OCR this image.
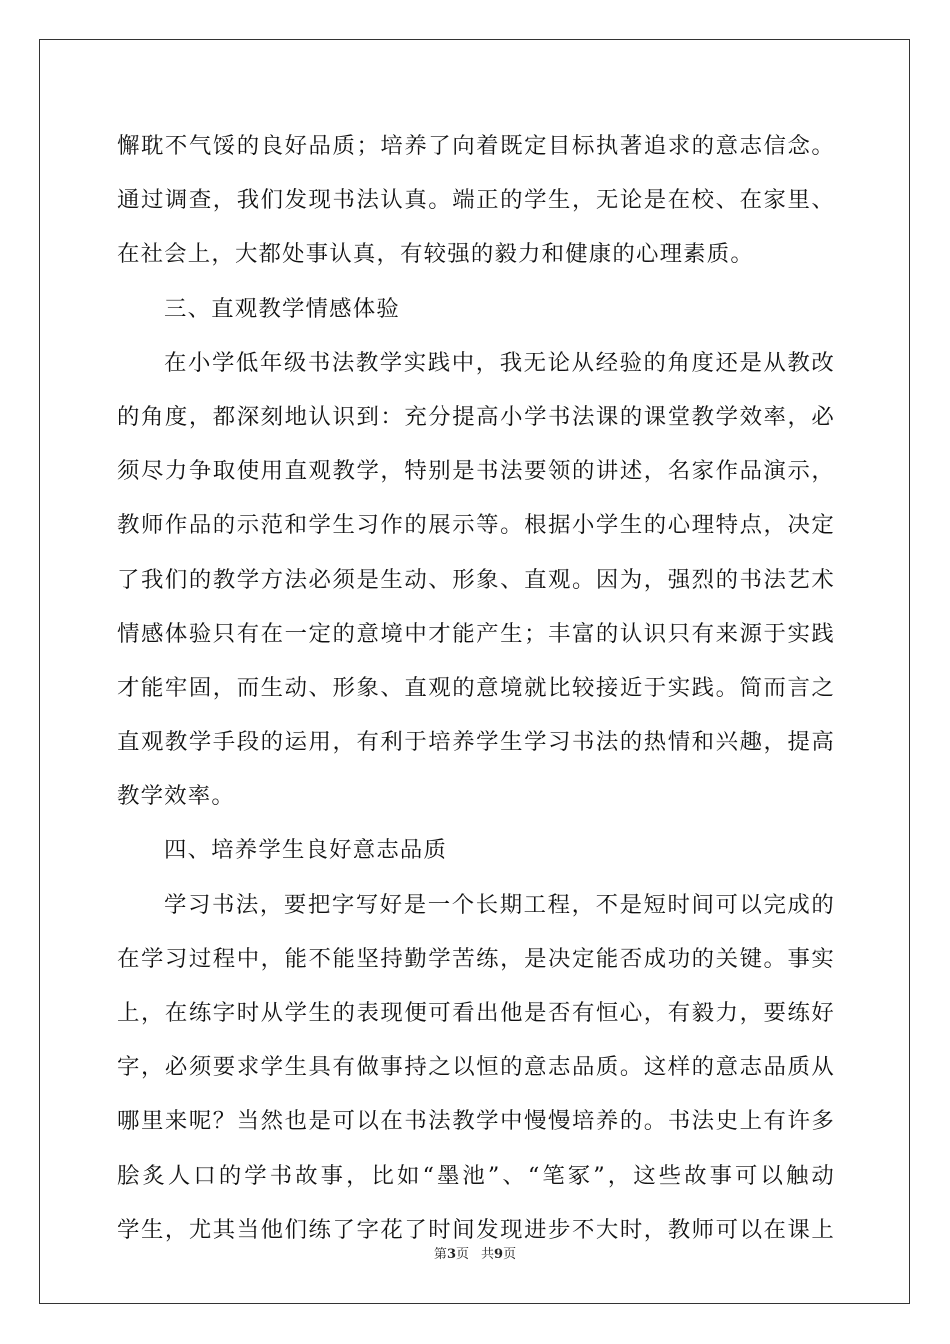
懈耽不气馁的良好品质；培养了向着既定目标执著追求的意志信念。
通过调查，我们发现书法认真。端正的学生，无论是在校、在家里、
在社会上，大都处事认真，有较强的毅力和健康的心理素质。
三、直观教学情感体验
在小学低年级书法教学实践中，我无论从经验的角度还是从教改
的角度，都深刻地认识到：充分提高小学书法课的课堂教学效率，必
须尽力争取使用直观教学，特别是书法要领的讲述，名家作品演示，
教师作品的示范和学生习作的展示等。根据小学生的心理特点，决定
了我们的教学方法必须是生动、形象、直观。因为，强烈的书法艺术
情感体验只有在一定的意境中才能产生；丰富的认识只有来源于实践
才能牢固，而生动、形象、直观的意境就比较接近于实践。简而言之
直观教学手段的运用，有利于培养学生学习书法的热情和兴趣，提高
教学效率。
四、培养学生良好意志品质
学习书法，要把字写好是一个长期工程，不是短时间可以完成的
在学习过程中，能不能坚持勤学苦练，是决定能否成功的关键。事实
上，在练字时从学生的表现便可看出他是否有恒心，有毅力，要练好
字，必须要求学生具有做事持之以恒的意志品质。这样的意志品质从
哪里来呢？当然也是可以在书法教学中慢慢培养的。书法史上有许多
脍炙人口的学书故事，比如“墨池”、“笔冢”，这些故事可以触动
学生，尤其当他们练了字花了时间发现进步不大时，教师可以在课上
第3页 共9页
